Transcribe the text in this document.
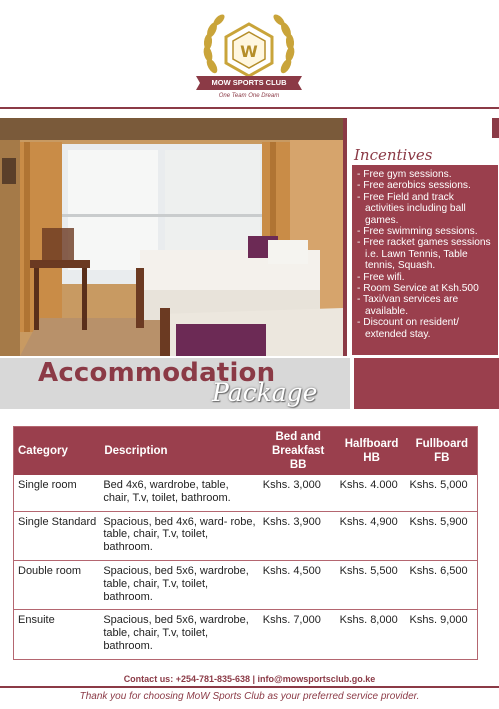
W
MOW SPORTS CLUB
One Team One Dream
Incentives
- Free gym sessions.
- Free aerobics sessions.
- Free Field and track activities including ball games.
- Free swimming sessions.
- Free racket games sessions i.e. Lawn Tennis, Table tennis, Squash.
- Free wifi.
- Room Service at Ksh.500
- Taxi/van services are available.
- Discount on resident/ extended stay.
Accommodation
Package
Category	Description	Bed and Breakfast BB	Halfboard HB	Fullboard FB
Single room	Bed 4x6, wardrobe, table, chair, T.v, toilet, bathroom.	Kshs. 3,000	Kshs. 4.000	Kshs. 5,000
Single Standard	Spacious, bed 4x6, ward- robe, table, chair, T.v, toilet, bathroom.	Kshs. 3,900	Kshs. 4,900	Kshs. 5,900
Double room	Spacious, bed 5x6, wardrobe, table, chair, T.v, toilet, bathroom.	Kshs. 4,500	Kshs. 5,500	Kshs. 6,500
Ensuite	Spacious, bed 5x6, wardrobe, table, chair, T.v, toilet, bathroom.	Kshs. 7,000	Kshs. 8,000	Kshs. 9,000
Contact us: +254-781-835-638 | info@mowsportsclub.go.ke
Thank you for choosing MoW Sports Club as your preferred service provider.
